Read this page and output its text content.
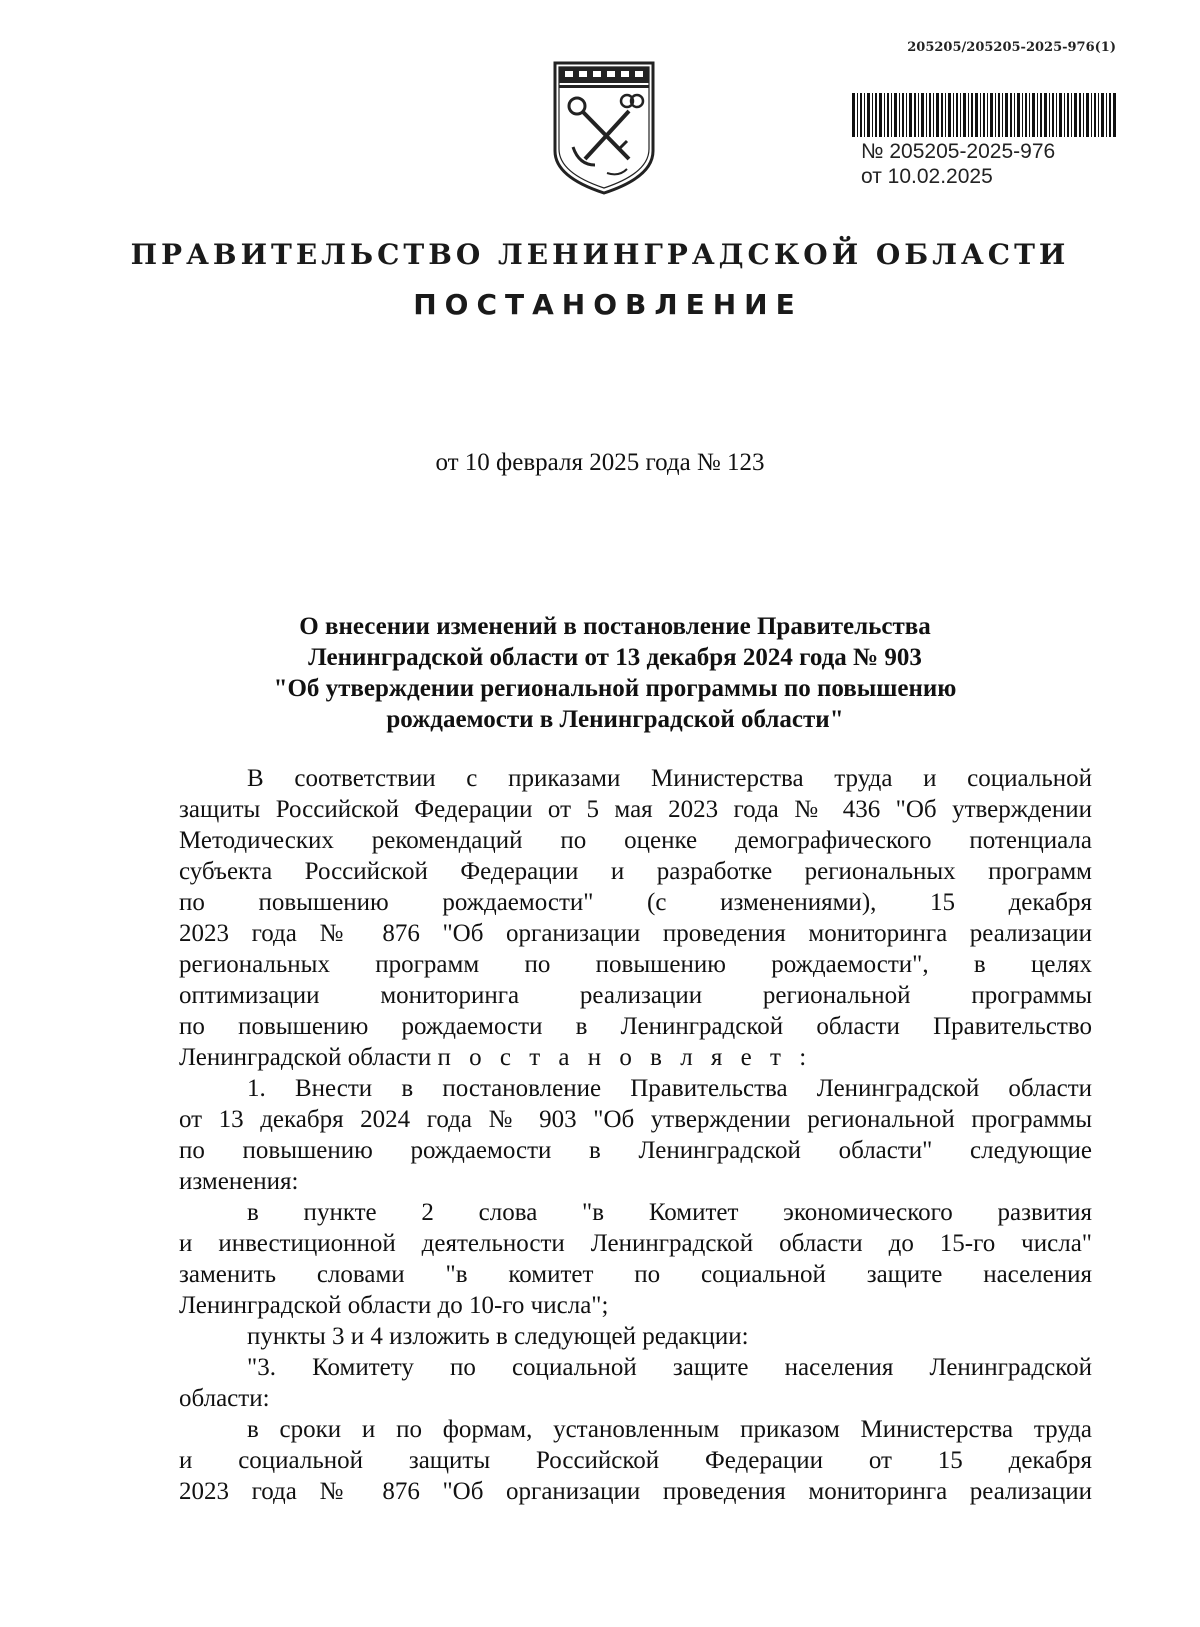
205205/205205-2025-976(1)
№ 205205-2025-976
от 10.02.2025
ПРАВИТЕЛЬСТВО ЛЕНИНГРАДСКОЙ ОБЛАСТИ
ПОСТАНОВЛЕНИЕ
от 10 февраля 2025 года № 123
О внесении изменений в постановление Правительства
Ленинградской области от 13 декабря 2024 года № 903
"Об утверждении региональной программы по повышению
рождаемости в Ленинградской области"
В соответствии с приказами Министерства труда и социальной
защиты Российской Федерации от 5 мая 2023 года № 436 "Об утверждении
Методических рекомендаций по оценке демографического потенциала
субъекта Российской Федерации и разработке региональных программ
по повышению рождаемости" (с изменениями), 15 декабря
2023 года № 876 "Об организации проведения мониторинга реализации
региональных программ по повышению рождаемости", в целях
оптимизации мониторинга реализации региональной программы
по повышению рождаемости в Ленинградской области Правительство
Ленинградской области п о с т а н о в л я е т :
1. Внести в постановление Правительства Ленинградской области
от 13 декабря 2024 года № 903 "Об утверждении региональной программы
по повышению рождаемости в Ленинградской области" следующие
изменения:
в пункте 2 слова "в Комитет экономического развития
и инвестиционной деятельности Ленинградской области до 15-го числа"
заменить словами "в комитет по социальной защите населения
Ленинградской области до 10-го числа";
пункты 3 и 4 изложить в следующей редакции:
"3. Комитету по социальной защите населения Ленинградской
области:
в сроки и по формам, установленным приказом Министерства труда
и социальной защиты Российской Федерации от 15 декабря
2023 года № 876 "Об организации проведения мониторинга реализации
